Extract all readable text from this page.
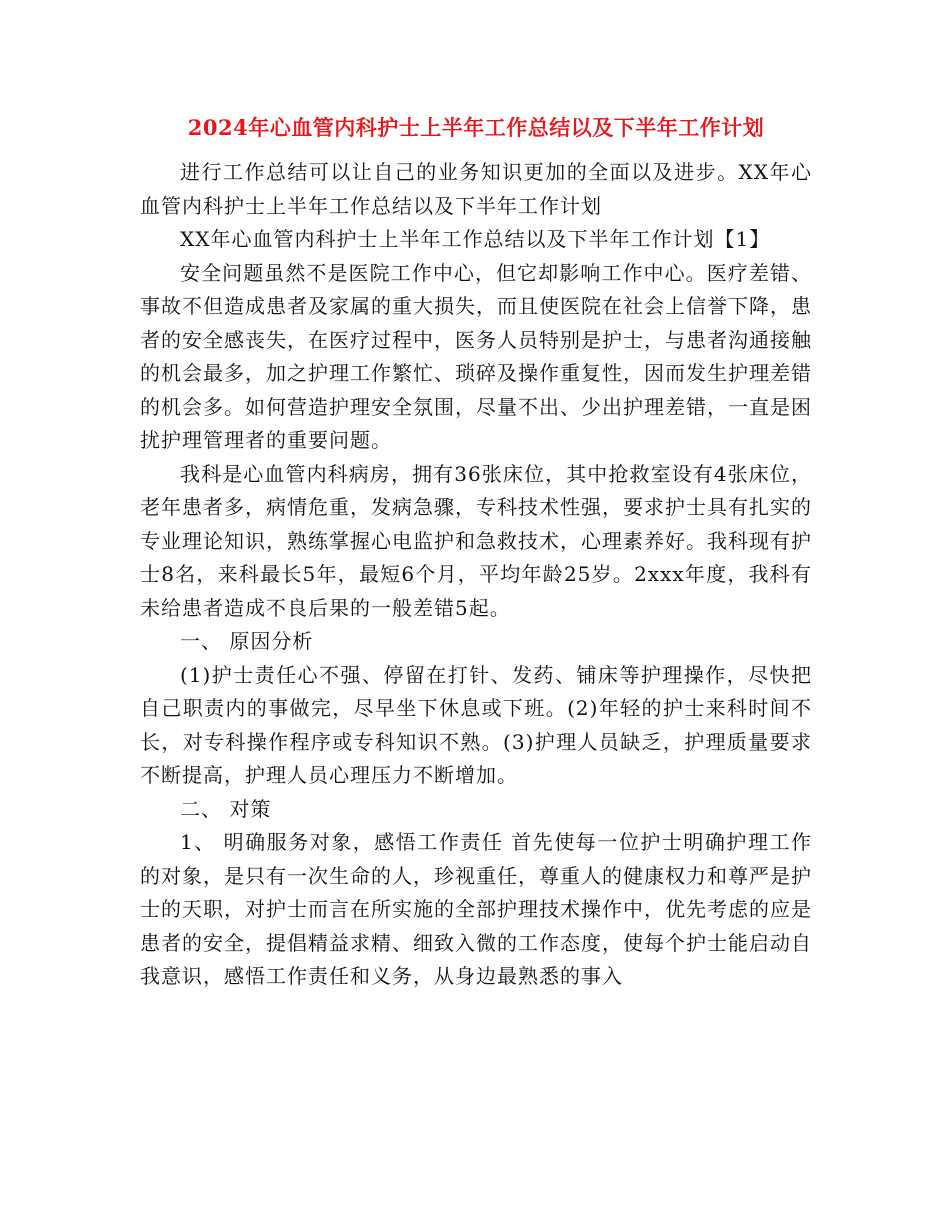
2024年心血管内科护士上半年工作总结以及下半年工作计划

进行工作总结可以让自己的业务知识更加的全面以及进步。XX年心血管内科护士上半年工作总结以及下半年工作计划

XX年心血管内科护士上半年工作总结以及下半年工作计划【1】

安全问题虽然不是医院工作中心，但它却影响工作中心。医疗差错、事故不但造成患者及家属的重大损失，而且使医院在社会上信誉下降，患者的安全感丧失，在医疗过程中，医务人员特别是护士，与患者沟通接触的机会最多，加之护理工作繁忙、琐碎及操作重复性，因而发生护理差错的机会多。如何营造护理安全氛围，尽量不出、少出护理差错，一直是困扰护理管理者的重要问题。

我科是心血管内科病房，拥有36张床位，其中抢救室设有4张床位，老年患者多，病情危重，发病急骤，专科技术性强，要求护士具有扎实的专业理论知识，熟练掌握心电监护和急救技术，心理素养好。我科现有护士8名，来科最长5年，最短6个月，平均年龄25岁。2xxx年度，我科有未给患者造成不良后果的一般差错5起。

一、 原因分析

(1)护士责任心不强、停留在打针、发药、铺床等护理操作，尽快把自己职责内的事做完，尽早坐下休息或下班。(2)年轻的护士来科时间不长，对专科操作程序或专科知识不熟。(3)护理人员缺乏，护理质量要求不断提高，护理人员心理压力不断增加。

二、 对策

1、 明确服务对象，感悟工作责任 首先使每一位护士明确护理工作的对象，是只有一次生命的人，珍视重任，尊重人的健康权力和尊严是护士的天职，对护士而言在所实施的全部护理技术操作中，优先考虑的应是患者的安全，提倡精益求精、细致入微的工作态度，使每个护士能启动自我意识，感悟工作责任和义务，从身边最熟悉的事入
